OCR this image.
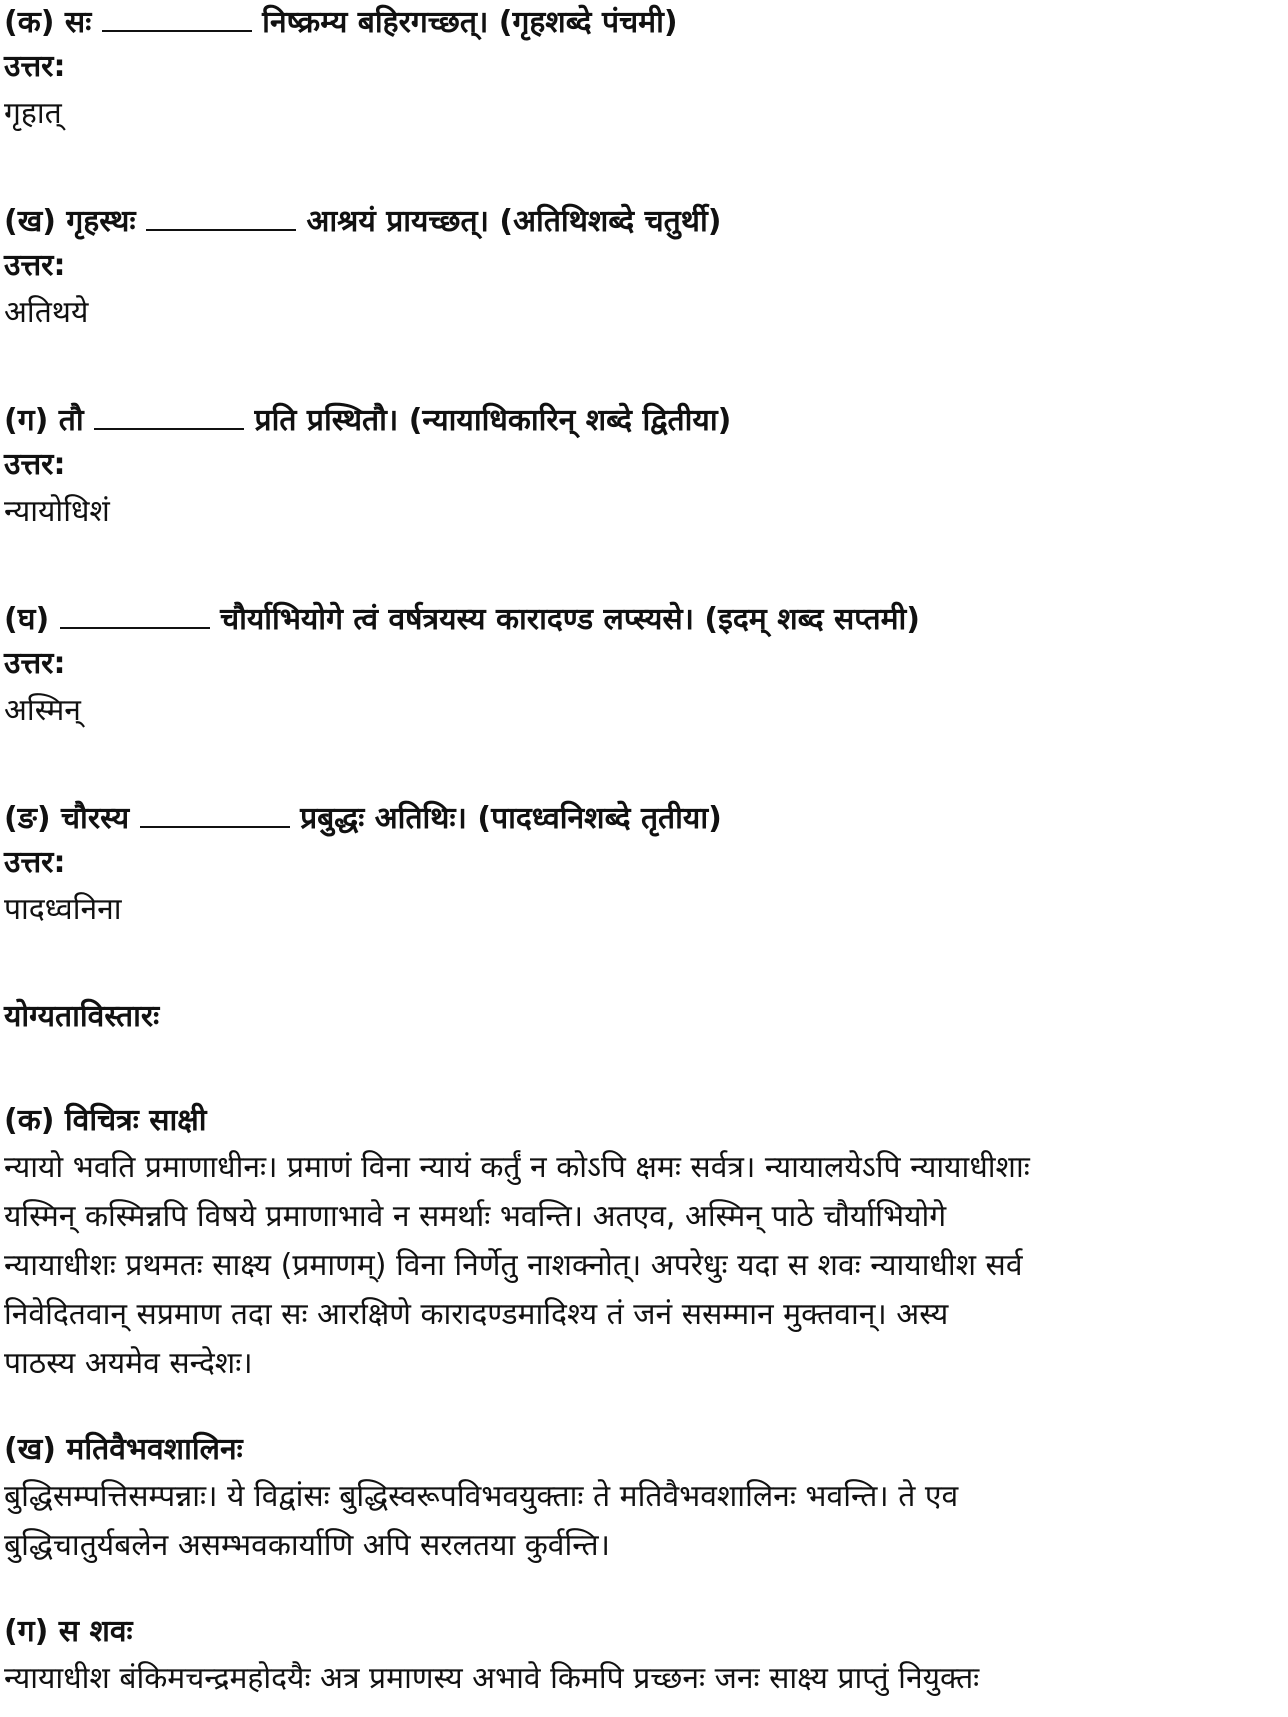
(क) सः	निष्क्रम्य बहिरगच्छत्। (गृहशब्दे पंचमी)
उत्तर:
गृहात्
(ख) गृहस्थः	आश्रयं प्रायच्छत्। (अतिथिशब्दे चतुर्थी)
उत्तर:
अतिथये
(ग) तौ	प्रति प्रस्थितौ। (न्यायाधिकारिन् शब्दे द्वितीया)
उत्तर:
न्यायोधिशं
(घ)	चौर्याभियोगे त्वं वर्षत्रयस्य कारादण्ड लप्स्यसे। (इदम् शब्द सप्तमी)
उत्तर:
अस्मिन्
(ङ) चौरस्य	प्रबुद्धः अतिथिः। (पादध्वनिशब्दे तृतीया)
उत्तर:
पादध्वनिना
योग्यताविस्तारः
(क) विचित्रः साक्षी
न्यायो भवति प्रमाणाधीनः। प्रमाणं विना न्यायं कर्तुं न कोऽपि क्षमः सर्वत्र। न्यायालयेऽपि न्यायाधीशाः
यस्मिन् कस्मिन्नपि विषये प्रमाणाभावे न समर्थाः भवन्ति। अतएव, अस्मिन् पाठे चौर्याभियोगे
न्यायाधीशः प्रथमतः साक्ष्य (प्रमाणम्) विना निर्णेतु नाशक्नोत्। अपरेधुः यदा स शवः न्यायाधीश सर्व
निवेदितवान् सप्रमाण तदा सः आरक्षिणे कारादण्डमादिश्य तं जनं ससम्मान मुक्तवान्। अस्य
पाठस्य अयमेव सन्देशः।
(ख) मतिवैभवशालिनः
बुद्धिसम्पत्तिसम्पन्नाः। ये विद्वांसः बुद्धिस्वरूपविभवयुक्ताः ते मतिवैभवशालिनः भवन्ति। ते एव
बुद्धिचातुर्यबलेन असम्भवकार्याणि अपि सरलतया कुर्वन्ति।
(ग) स शवः
न्यायाधीश बंकिमचन्द्रमहोदयैः अत्र प्रमाणस्य अभावे किमपि प्रच्छनः जनः साक्ष्य प्राप्तुं नियुक्तः
